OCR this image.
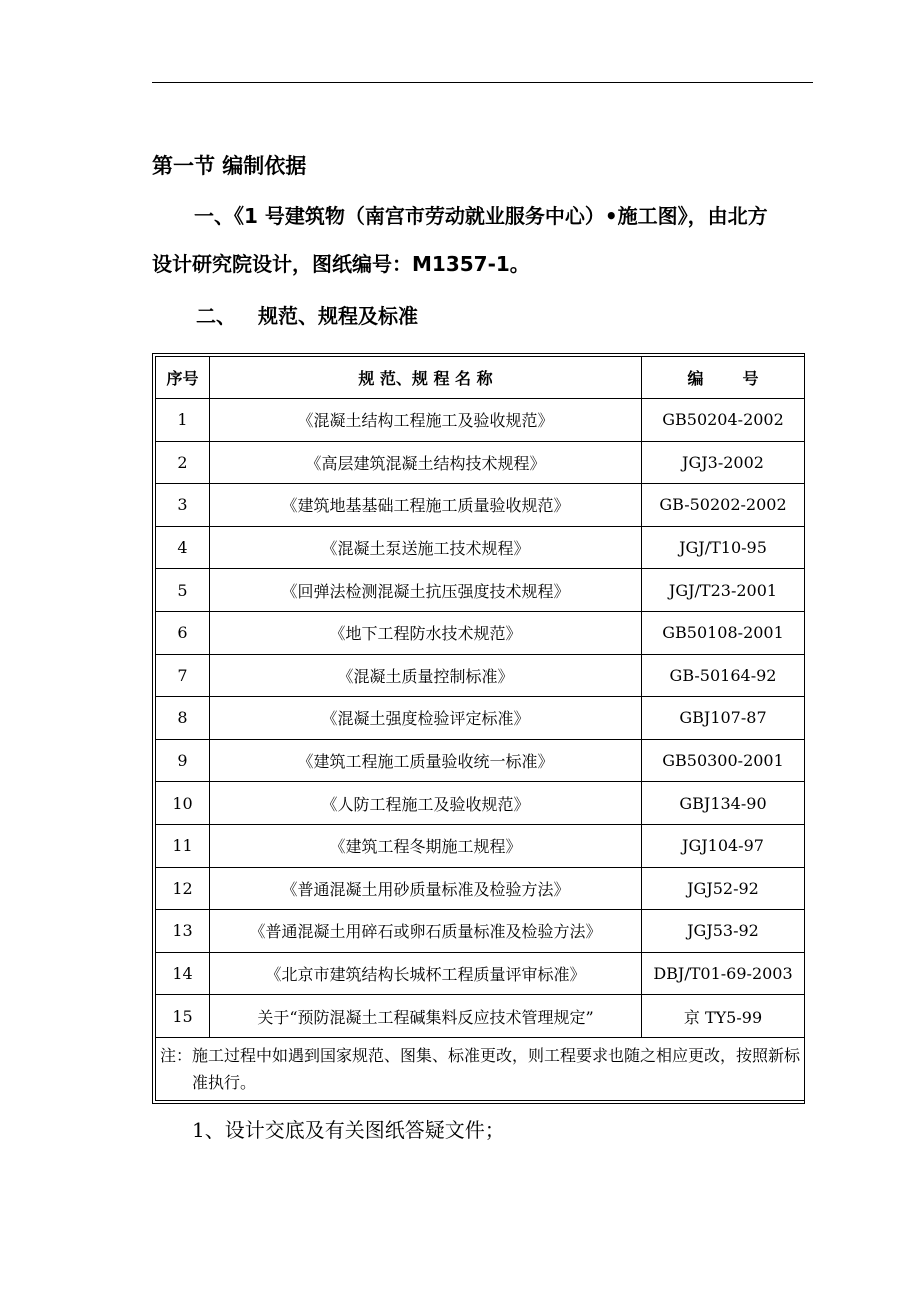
第一节 编制依据
一、《1 号建筑物（南宫市劳动就业服务中心）•施工图》，由北方
设计研究院设计，图纸编号：M1357-1。
二、 规范、规程及标准
序号	规 范、规 程 名 称	编       号
1	《混凝土结构工程施工及验收规范》	GB50204-2002
2	《高层建筑混凝土结构技术规程》	JGJ3-2002
3	《建筑地基基础工程施工质量验收规范》	GB-50202-2002
4	《混凝土泵送施工技术规程》	JGJ/T10-95
5	《回弹法检测混凝土抗压强度技术规程》	JGJ/T23-2001
6	《地下工程防水技术规范》	GB50108-2001
7	《混凝土质量控制标准》	GB-50164-92
8	《混凝土强度检验评定标准》	GBJ107-87
9	《建筑工程施工质量验收统一标准》	GB50300-2001
10	《人防工程施工及验收规范》	GBJ134-90
11	《建筑工程冬期施工规程》	JGJ104-97
12	《普通混凝土用砂质量标准及检验方法》	JGJ52-92
13	《普通混凝土用碎石或卵石质量标准及检验方法》	JGJ53-92
14	《北京市建筑结构长城杯工程质量评审标准》	DBJ/T01-69-2003
15	关于“预防混凝土工程碱集料反应技术管理规定”	京 TY5-99

注：施工过程中如遇到国家规范、图集、标准更改，则工程要求也随之相应更改，按照新标准执行。		
1、设计交底及有关图纸答疑文件；
